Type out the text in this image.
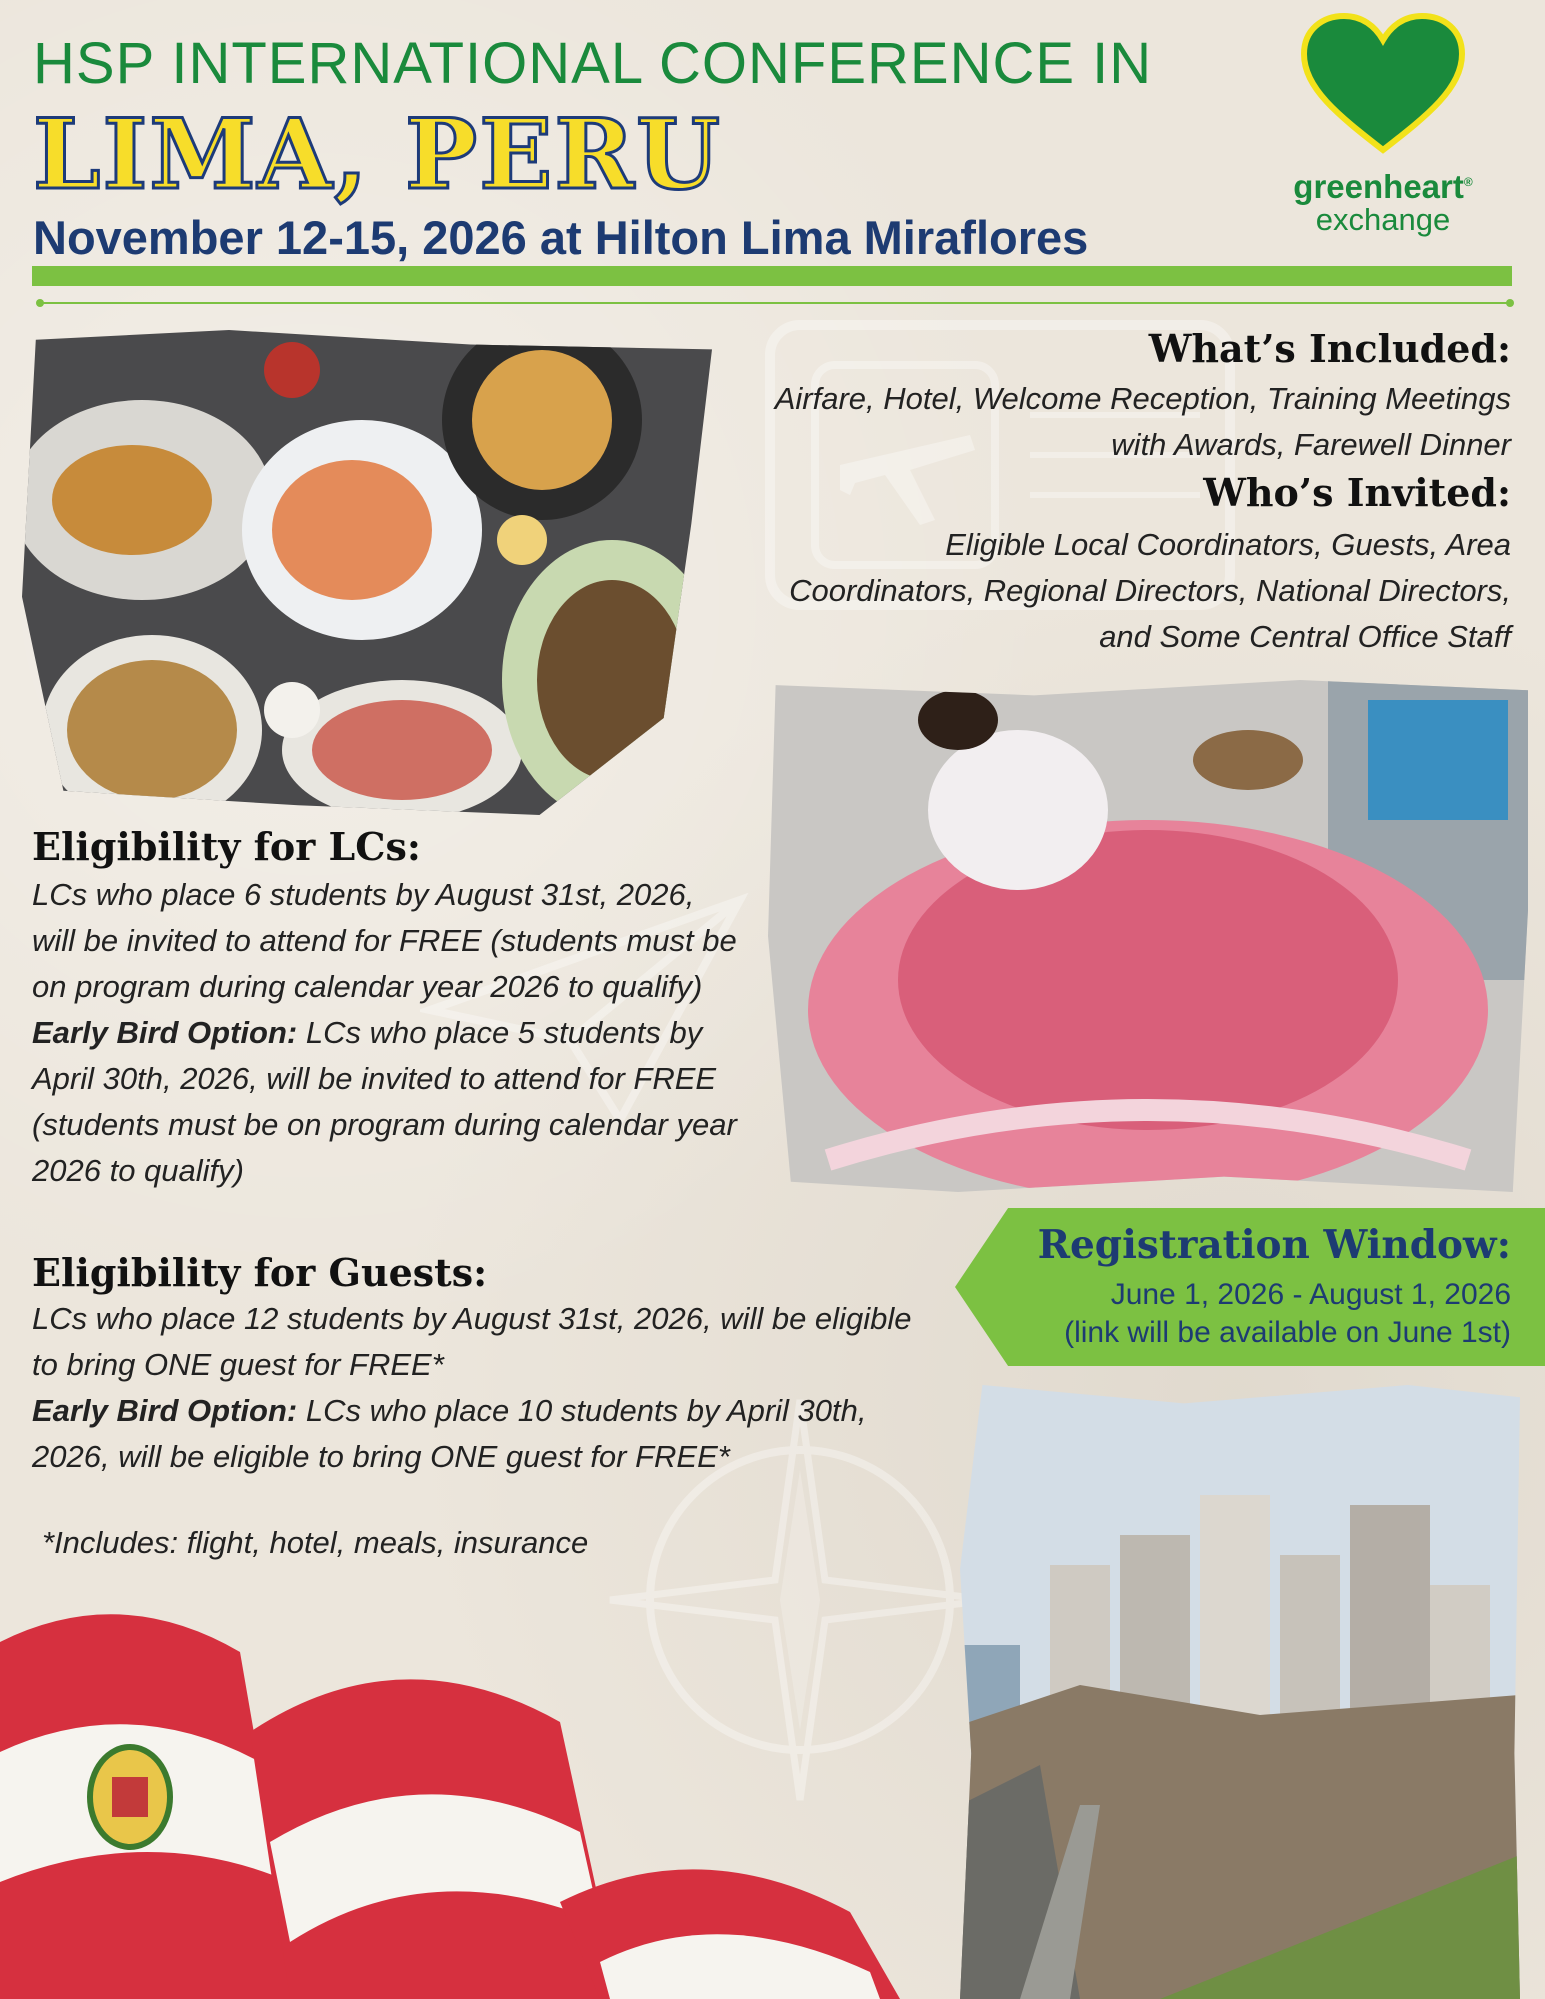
HSP INTERNATIONAL CONFERENCE IN
LIMA, PERU
November 12-15, 2026 at Hilton Lima Miraflores
greenheart®
exchange
What’s Included:
Airfare, Hotel, Welcome Reception, Training Meetings
with Awards, Farewell Dinner
Who’s Invited:
Eligible Local Coordinators, Guests, Area
Coordinators, Regional Directors, National Directors,
and Some Central Office Staff
Eligibility for LCs:
LCs who place 6 students by August 31st, 2026, will be invited to attend for FREE (students must be on program during calendar year 2026 to qualify)
Early Bird Option: LCs who place 5 students by April 30th, 2026, will be invited to attend for FREE (students must be on program during calendar year 2026 to qualify)
Registration Window:
June 1, 2026 - August 1, 2026
(link will be available on June 1st)
Eligibility for Guests:
LCs who place 12 students by August 31st, 2026, will be eligible to bring ONE guest for FREE*
Early Bird Option: LCs who place 10 students by April 30th, 2026, will be eligible to bring ONE guest for FREE*
*Includes: flight, hotel, meals, insurance
